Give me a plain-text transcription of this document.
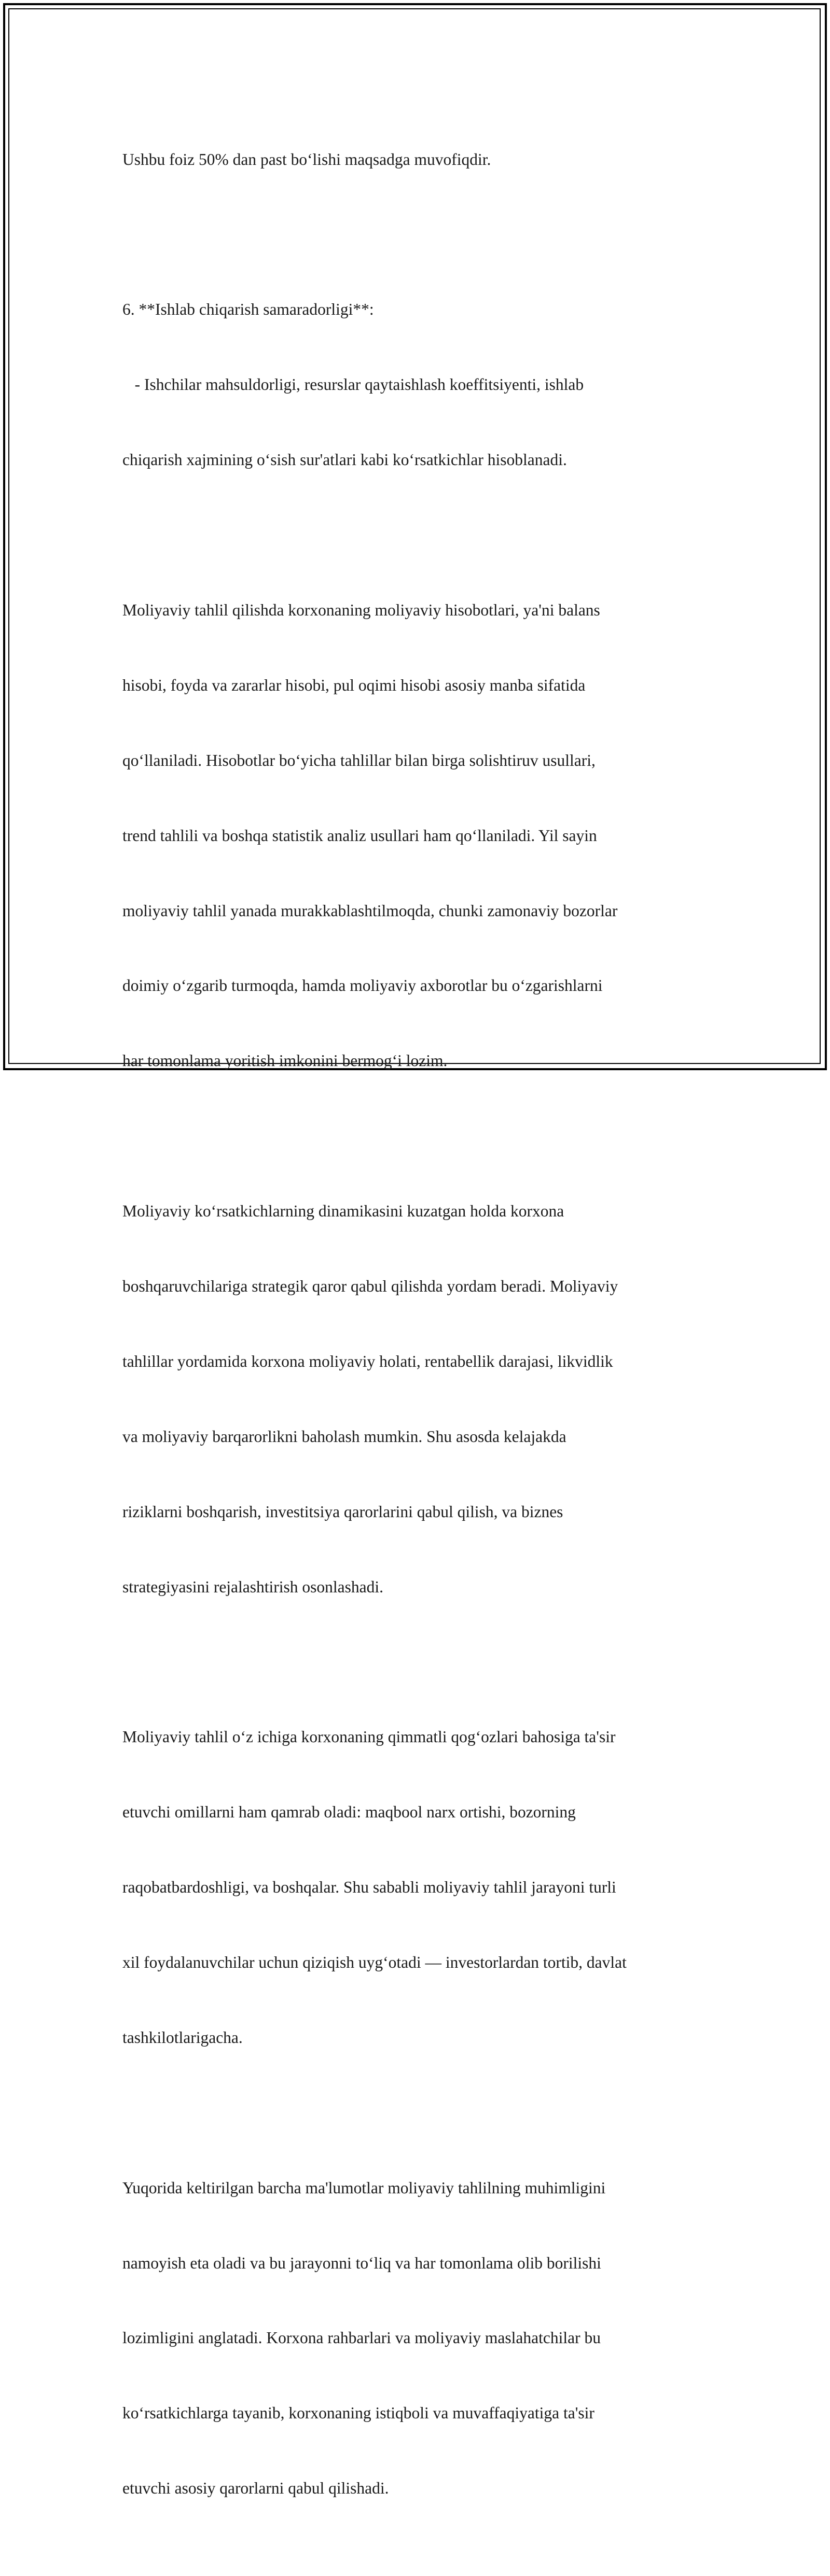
Ushbu foiz 50% dan past bo‘lishi maqsadga muvofiqdir.

6. **Ishlab chiqarish samaradorligi**:

- Ishchilar mahsuldorligi, resurslar qaytaishlash koeffitsiyenti, ishlab

chiqarish xajmining o‘sish sur'atlari kabi ko‘rsatkichlar hisoblanadi.

Moliyaviy tahlil qilishda korxonaning moliyaviy hisobotlari, ya'ni balans

hisobi, foyda va zararlar hisobi, pul oqimi hisobi asosiy manba sifatida

qo‘llaniladi. Hisobotlar bo‘yicha tahlillar bilan birga solishtiruv usullari,

trend tahlili va boshqa statistik analiz usullari ham qo‘llaniladi. Yil sayin

moliyaviy tahlil yanada murakkablashtilmoqda, chunki zamonaviy bozorlar

doimiy o‘zgarib turmoqda, hamda moliyaviy axborotlar bu o‘zgarishlarni

har tomonlama yoritish imkonini bermog‘i lozim.

Moliyaviy ko‘rsatkichlarning dinamikasini kuzatgan holda korxona

boshqaruvchilariga strategik qaror qabul qilishda yordam beradi. Moliyaviy

tahlillar yordamida korxona moliyaviy holati, rentabellik darajasi, likvidlik

va moliyaviy barqarorlikni baholash mumkin. Shu asosda kelajakda

riziklarni boshqarish, investitsiya qarorlarini qabul qilish, va biznes

strategiyasini rejalashtirish osonlashadi.

Moliyaviy tahlil o‘z ichiga korxonaning qimmatli qog‘ozlari bahosiga ta'sir

etuvchi omillarni ham qamrab oladi: maqbool narx ortishi, bozorning

raqobatbardoshligi, va boshqalar. Shu sababli moliyaviy tahlil jarayoni turli

xil foydalanuvchilar uchun qiziqish uyg‘otadi — investorlardan tortib, davlat

tashkilotlarigacha.

Yuqorida keltirilgan barcha ma'lumotlar moliyaviy tahlilning muhimligini

namoyish eta oladi va bu jarayonni to‘liq va har tomonlama olib borilishi

lozimligini anglatadi. Korxona rahbarlari va moliyaviy maslahatchilar bu

ko‘rsatkichlarga tayanib, korxonaning istiqboli va muvaffaqiyatiga ta'sir

etuvchi asosiy qarorlarni qabul qilishadi.
